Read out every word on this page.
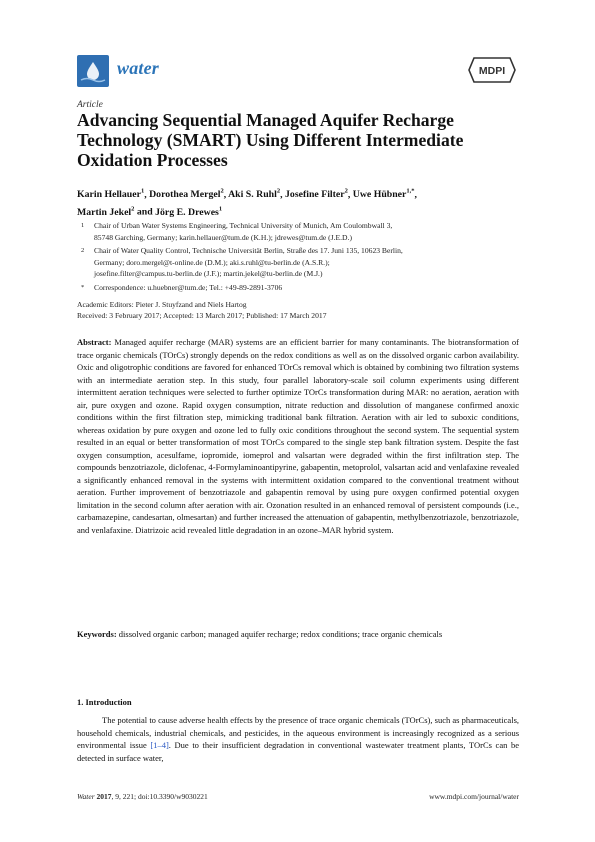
water	MDPI
Article
Advancing Sequential Managed Aquifer Recharge Technology (SMART) Using Different Intermediate Oxidation Processes
Karin Hellauer$^1$, Dorothea Mergel$^2$, Aki S. Ruhl$^2$, Josefine Filter$^2$, Uwe Hübner$^{1,*}$,
Martin Jekel$^2$ and Jörg E. Drewes$^1$
1 Chair of Urban Water Systems Engineering, Technical University of Munich, Am Coulombwall 3,
85748 Garching, Germany; karin.hellauer@tum.de (K.H.); jdrewes@tum.de (J.E.D.)
2 Chair of Water Quality Control, Technische Universität Berlin, Straße des 17. Juni 135, 10623 Berlin,
Germany; doro.mergel@t-online.de (D.M.); aki.s.ruhl@tu-berlin.de (A.S.R.);
josefine.filter@campus.tu-berlin.de (J.F.); martin.jekel@tu-berlin.de (M.J.)
* Correspondence: u.huebner@tum.de; Tel.: +49-89-2891-3706
Academic Editors: Pieter J. Stuyfzand and Niels Hartog
Received: 3 February 2017; Accepted: 13 March 2017; Published: 17 March 2017
Abstract: Managed aquifer recharge (MAR) systems are an efficient barrier for many contaminants. The biotransformation of trace organic chemicals (TOrCs) strongly depends on the redox conditions as well as on the dissolved organic carbon availability. Oxic and oligotrophic conditions are favored for enhanced TOrCs removal which is obtained by combining two filtration systems with an intermediate aeration step. In this study, four parallel laboratory-scale soil column experiments using different intermittent aeration techniques were selected to further optimize TOrCs transformation during MAR: no aeration, aeration with air, pure oxygen and ozone. Rapid oxygen consumption, nitrate reduction and dissolution of manganese confirmed anoxic conditions within the first filtration step, mimicking traditional bank filtration. Aeration with air led to suboxic conditions, whereas oxidation by pure oxygen and ozone led to fully oxic conditions throughout the second system. The sequential system resulted in an equal or better transformation of most TOrCs compared to the single step bank filtration system. Despite the fast oxygen consumption, acesulfame, iopromide, iomeprol and valsartan were degraded within the first infiltration step. The compounds benzotriazole, diclofenac, 4-Formylaminoantipyrine, gabapentin, metoprolol, valsartan acid and venlafaxine revealed a significantly enhanced removal in the systems with intermittent oxidation compared to the conventional treatment without aeration. Further improvement of benzotriazole and gabapentin removal by using pure oxygen confirmed potential oxygen limitation in the second column after aeration with air. Ozonation resulted in an enhanced removal of persistent compounds (i.e., carbamazepine, candesartan, olmesartan) and further increased the attenuation of gabapentin, methylbenzotriazole, benzotriazole, and venlafaxine. Diatrizoic acid revealed little degradation in an ozone–MAR hybrid system.
Keywords: dissolved organic carbon; managed aquifer recharge; redox conditions; trace organic chemicals
1. Introduction
The potential to cause adverse health effects by the presence of trace organic chemicals (TOrCs), such as pharmaceuticals, household chemicals, industrial chemicals, and pesticides, in the aqueous environment is increasingly recognized as a serious environmental issue [1–4]. Due to their insufficient degradation in conventional wastewater treatment plants, TOrCs can be detected in surface water,
Water 2017, 9, 221; doi:10.3390/w9030221	www.mdpi.com/journal/water
